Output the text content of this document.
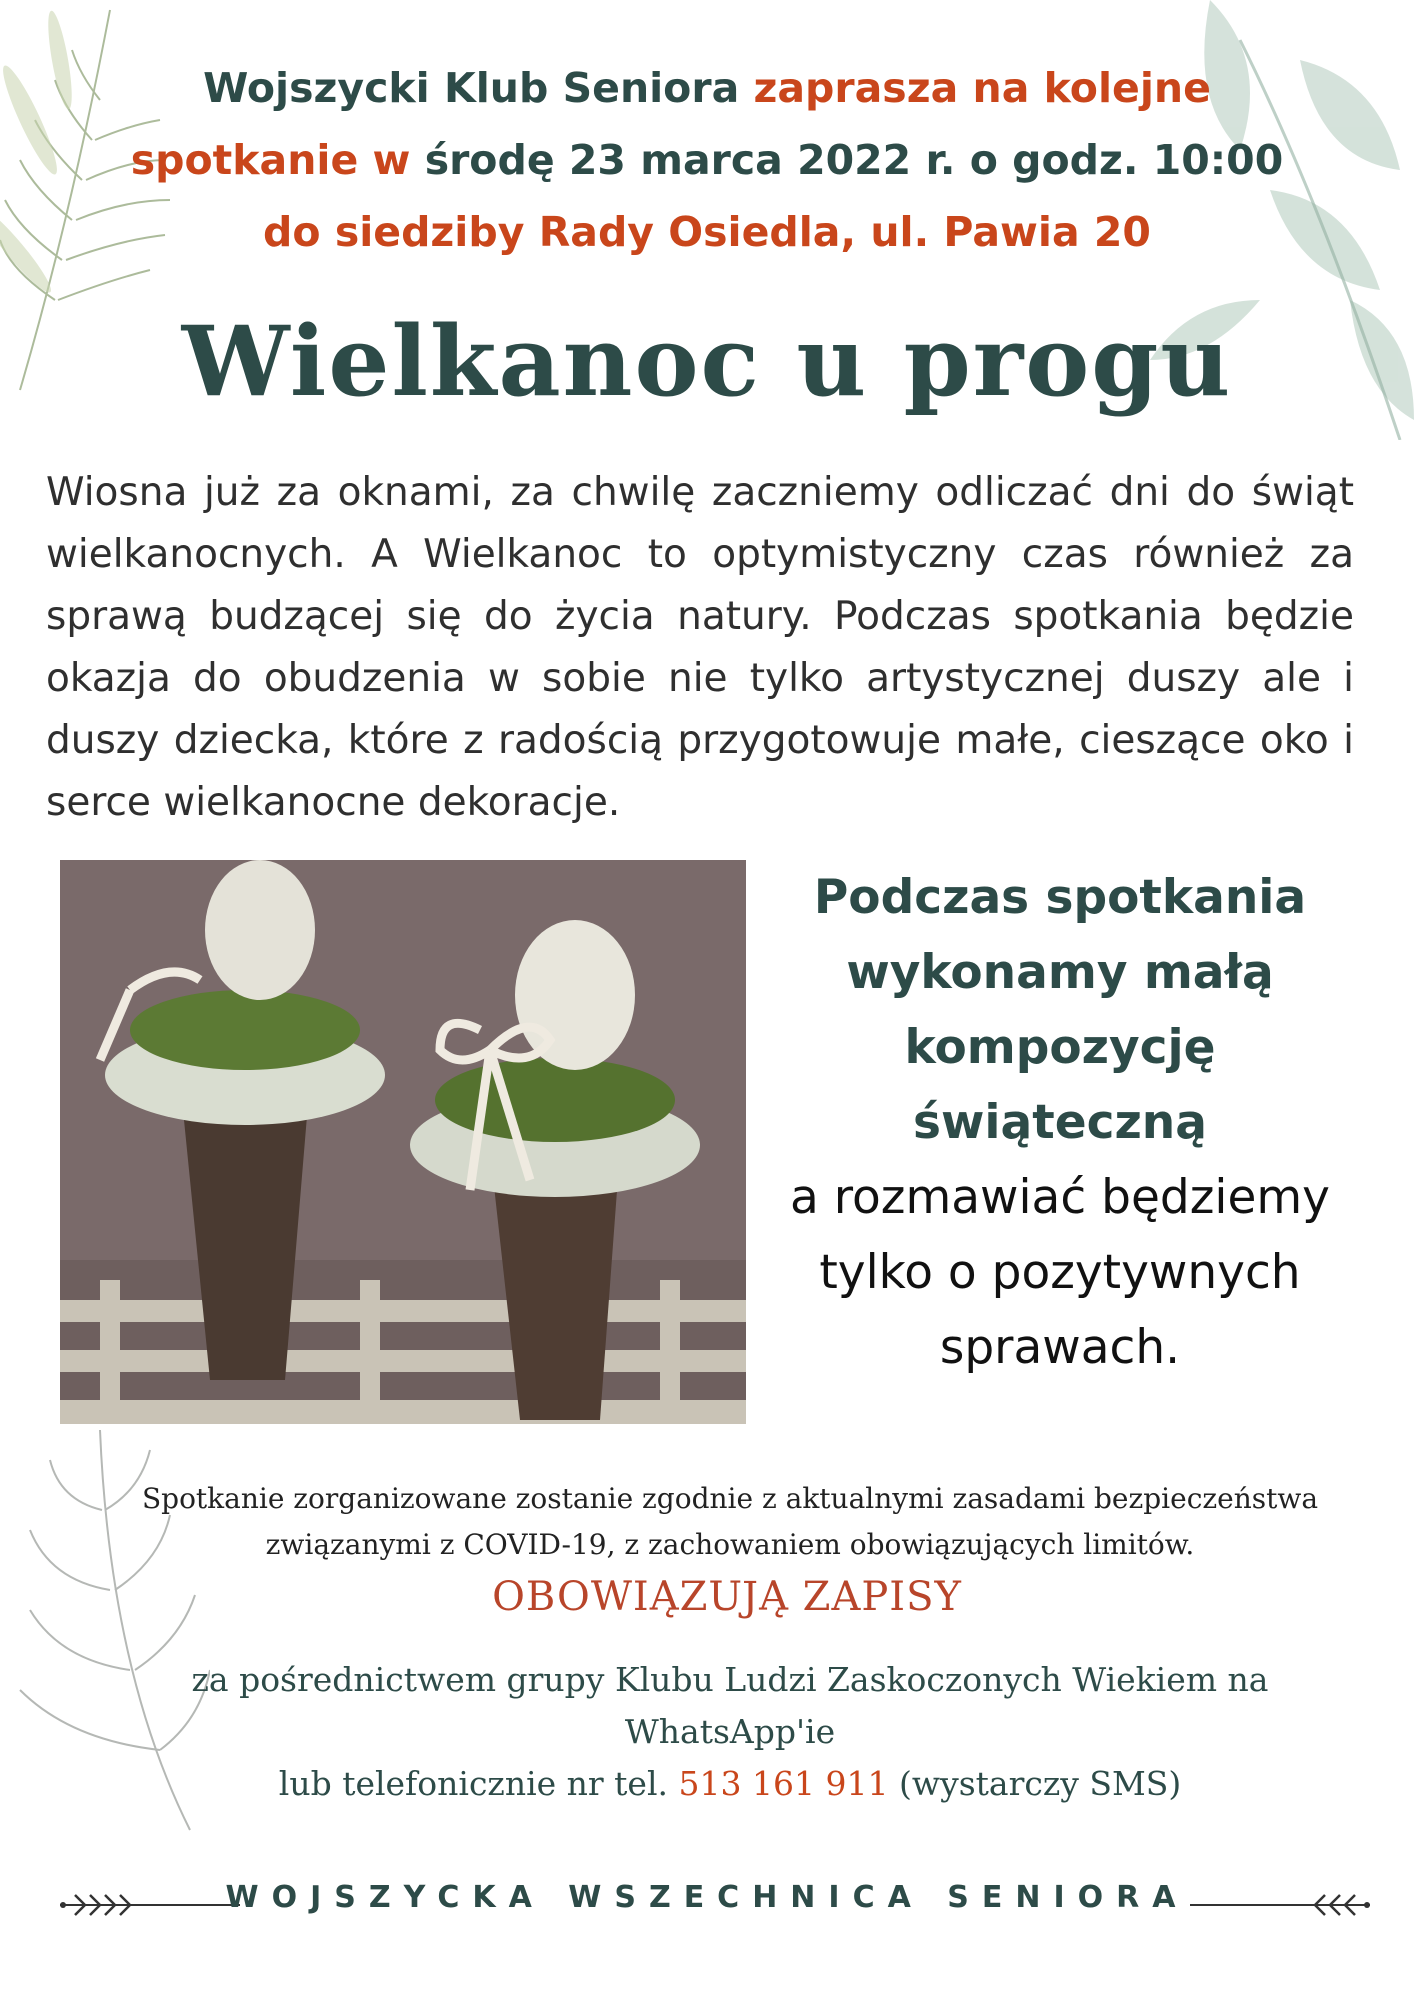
Wojszycki Klub Seniora zaprasza na kolejne
spotkanie w środę 23 marca 2022 r. o godz. 10:00
do siedziby Rady Osiedla, ul. Pawia 20
Wielkanoc u progu

Wiosna już za oknami, za chwilę zaczniemy odliczać dni do świąt wielkanocnych. A Wielkanoc to optymistyczny czas również za sprawą budzącej się do życia natury. Podczas spotkania będzie okazja do obudzenia w sobie nie tylko artystycznej duszy ale i duszy dziecka, które z radością przygotowuje małe, cieszące oko i serce wielkanocne dekoracje.

Podczas spotkania
wykonamy małą
kompozycję
świąteczną
a rozmawiać będziemy
tylko o pozytywnych
sprawach.
Spotkanie zorganizowane zostanie zgodnie z aktualnymi zasadami bezpieczeństwa
związanymi z COVID-19, z zachowaniem obowiązujących limitów.
OBOWIĄZUJĄ ZAPISY
za pośrednictwem grupy Klubu Ludzi Zaskoczonych Wiekiem na
WhatsApp'ie
lub telefonicznie nr tel. 513 161 911 (wystarczy SMS)
WOJSZYCKA WSZECHNICA SENIORA
